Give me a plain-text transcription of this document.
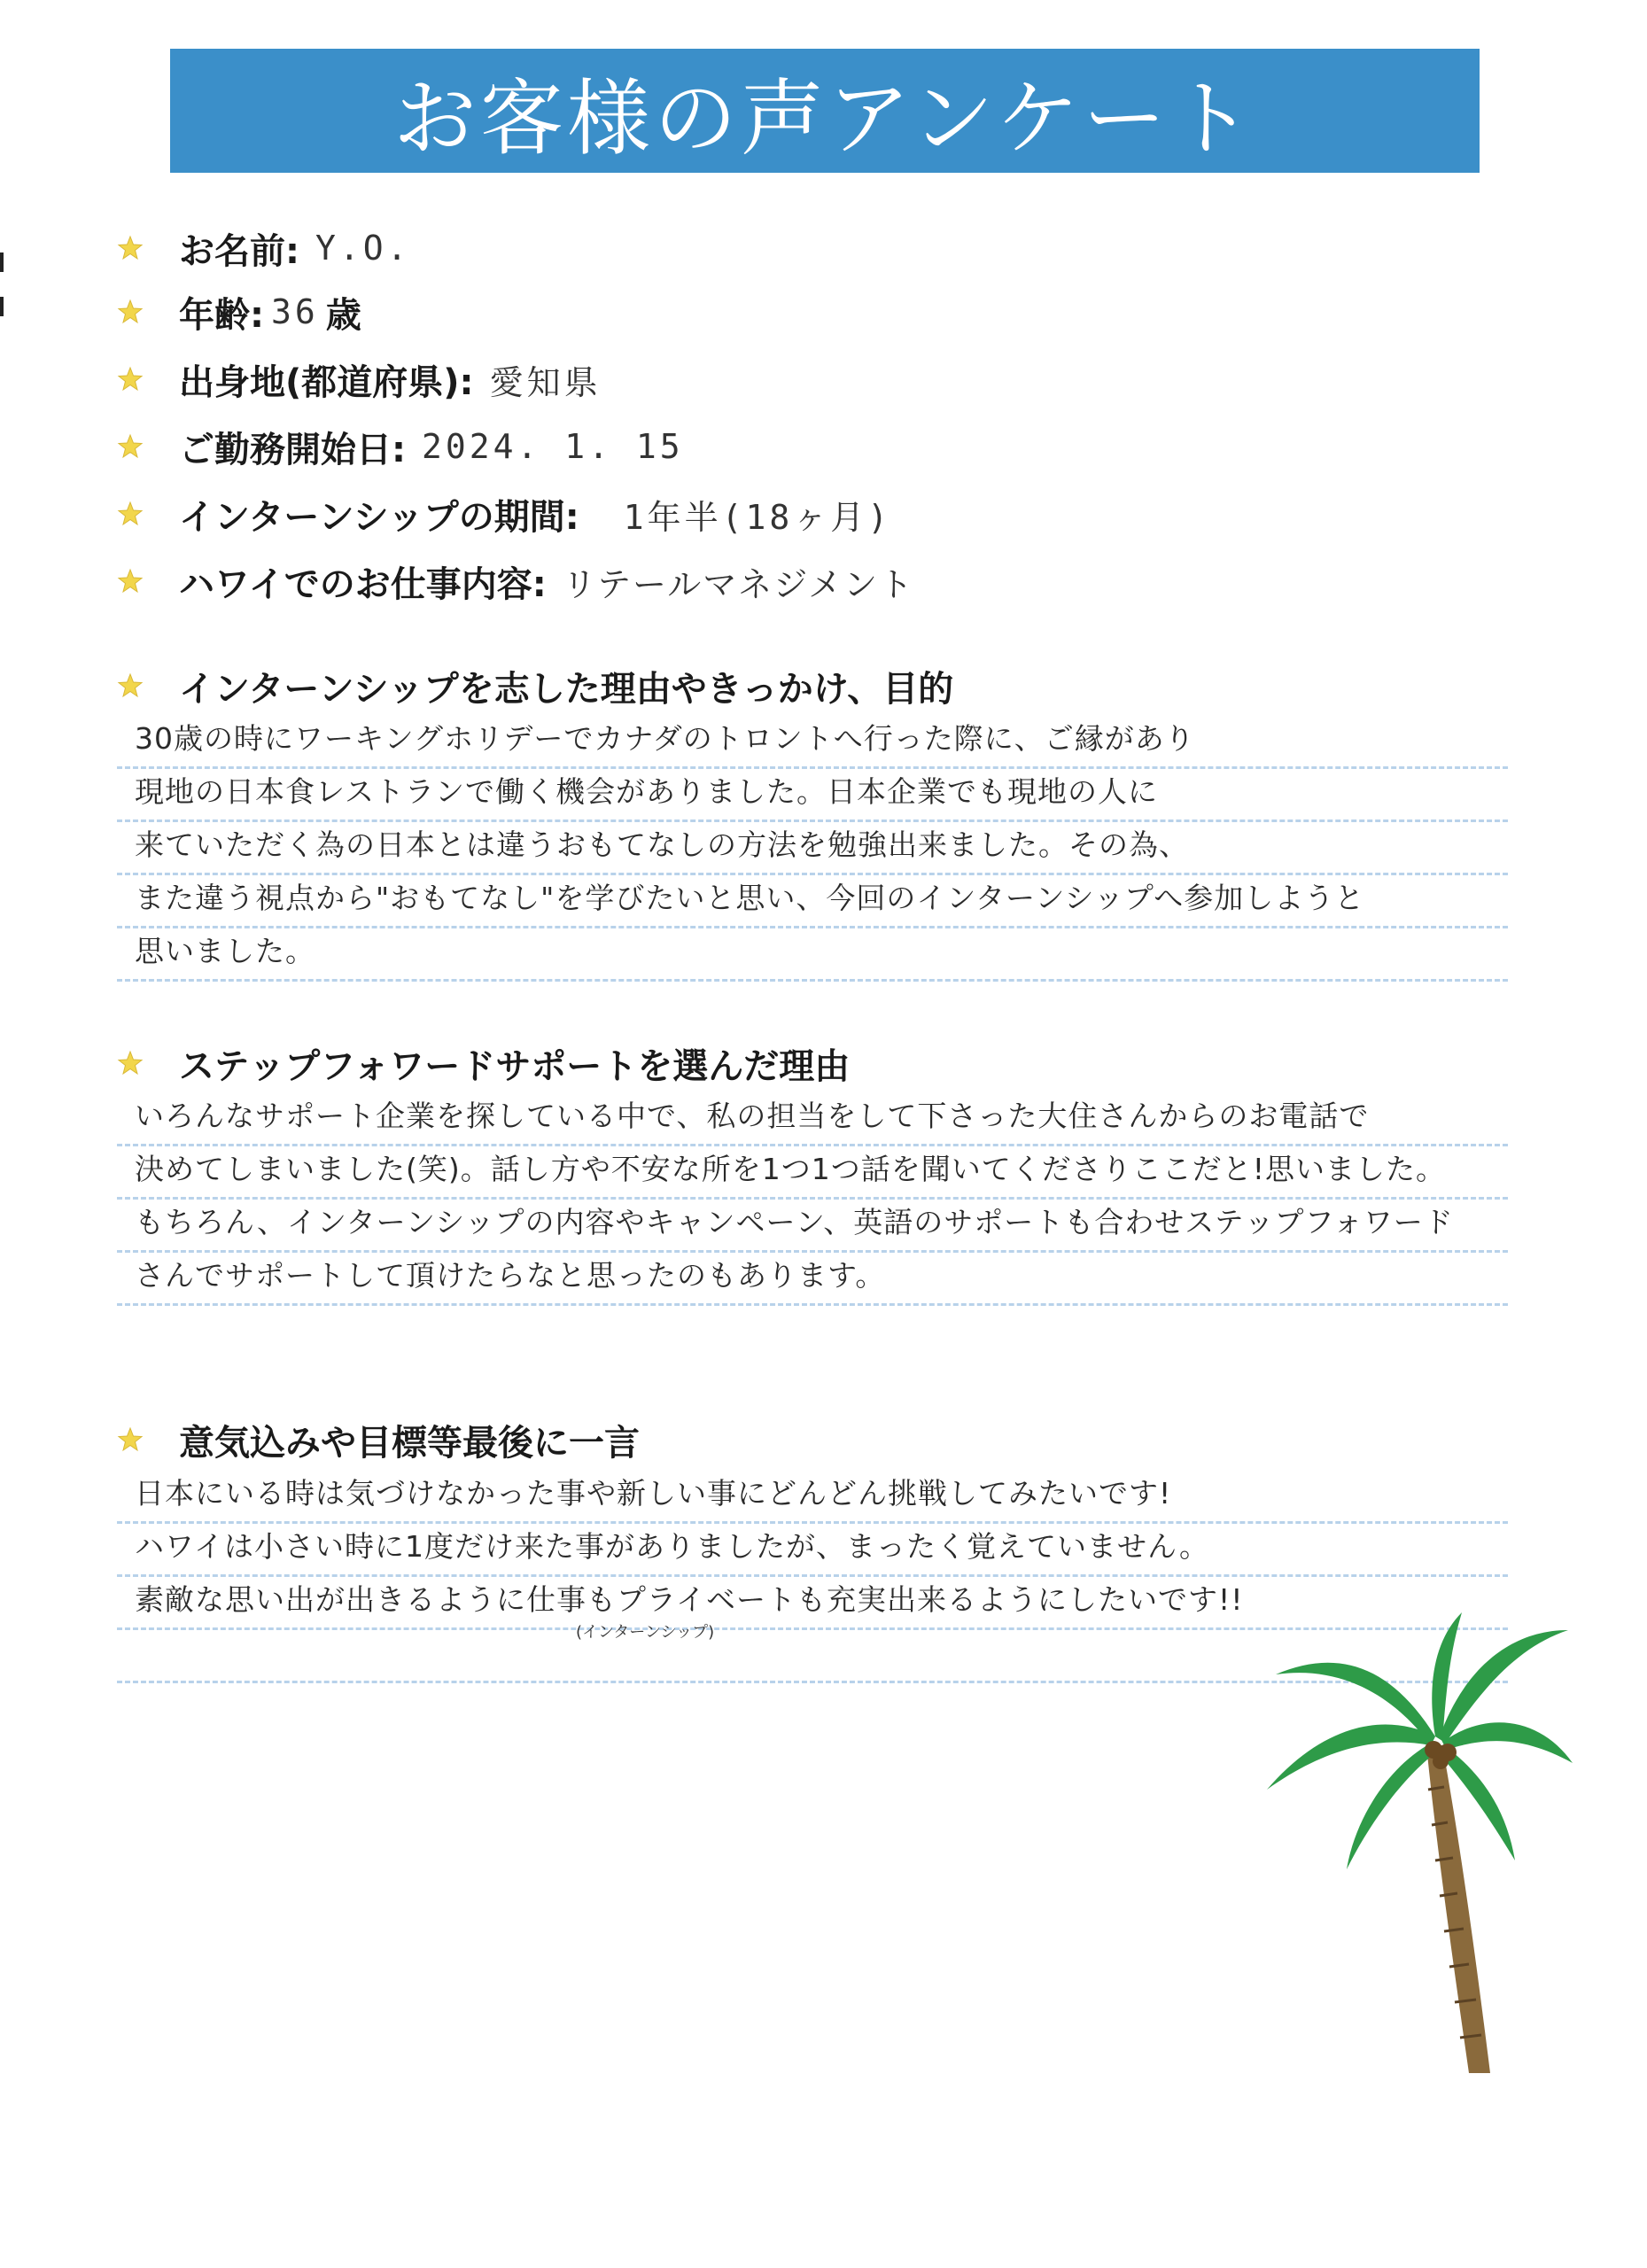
お客様の声アンケート
お名前: Y.O.
年齢: 36 歳
出身地(都道府県): 愛知県
ご勤務開始日: 2024. 1. 15
インターンシップの期間: 1年半(18ヶ月)
ハワイでのお仕事内容: リテールマネジメント
インターンシップを志した理由やきっかけ、目的
30歳の時にワーキングホリデーでカナダのトロントへ行った際に、ご縁があり
現地の日本食レストランで働く機会がありました。日本企業でも現地の人に
来ていただく為の日本とは違うおもてなしの方法を勉強出来ました。その為、
また違う視点から"おもてなし"を学びたいと思い、今回のインターンシップへ参加しようと
思いました。
ステップフォワードサポートを選んだ理由
いろんなサポート企業を探している中で、私の担当をして下さった大住さんからのお電話で
決めてしまいました(笑)。話し方や不安な所を1つ1つ話を聞いてくださりここだと!思いました。
もちろん、インターンシップの内容やキャンペーン、英語のサポートも合わせステップフォワード
さんでサポートして頂けたらなと思ったのもあります。
意気込みや目標等最後に一言
日本にいる時は気づけなかった事や新しい事にどんどん挑戦してみたいです!
ハワイは小さい時に1度だけ来た事がありましたが、まったく覚えていません。
素敵な思い出が出きるように仕事もプライベートも充実出来るようにしたいです!!
(インターンシップ)
